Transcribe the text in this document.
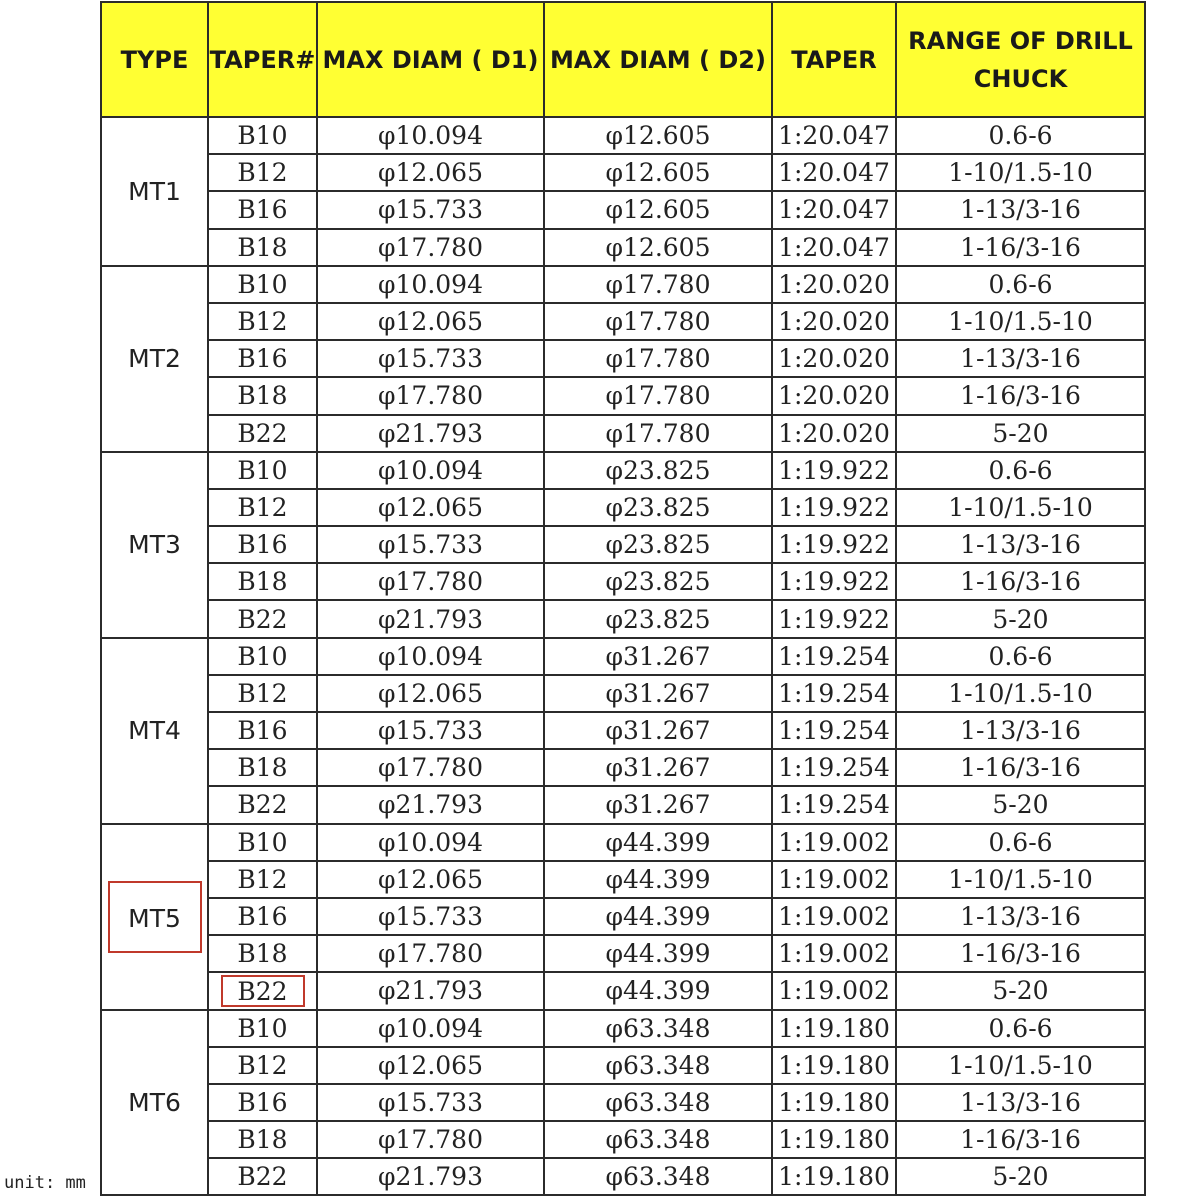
TYPE	TAPER#	MAX DIAM ( D1)	MAX DIAM ( D2)	TAPER	RANGE OF DRILL CHUCK
MT1	B10	φ10.094	φ12.605	1:20.047	0.6-6
	B12	φ12.065	φ12.605	1:20.047	1-10/1.5-10
	B16	φ15.733	φ12.605	1:20.047	1-13/3-16
	B18	φ17.780	φ12.605	1:20.047	1-16/3-16
MT2	B10	φ10.094	φ17.780	1:20.020	0.6-6
	B12	φ12.065	φ17.780	1:20.020	1-10/1.5-10
	B16	φ15.733	φ17.780	1:20.020	1-13/3-16
	B18	φ17.780	φ17.780	1:20.020	1-16/3-16
	B22	φ21.793	φ17.780	1:20.020	5-20
MT3	B10	φ10.094	φ23.825	1:19.922	0.6-6
	B12	φ12.065	φ23.825	1:19.922	1-10/1.5-10
	B16	φ15.733	φ23.825	1:19.922	1-13/3-16
	B18	φ17.780	φ23.825	1:19.922	1-16/3-16
	B22	φ21.793	φ23.825	1:19.922	5-20
MT4	B10	φ10.094	φ31.267	1:19.254	0.6-6
	B12	φ12.065	φ31.267	1:19.254	1-10/1.5-10
	B16	φ15.733	φ31.267	1:19.254	1-13/3-16
	B18	φ17.780	φ31.267	1:19.254	1-16/3-16
	B22	φ21.793	φ31.267	1:19.254	5-20
MT5	B10	φ10.094	φ44.399	1:19.002	0.6-6
	B12	φ12.065	φ44.399	1:19.002	1-10/1.5-10
	B16	φ15.733	φ44.399	1:19.002	1-13/3-16
	B18	φ17.780	φ44.399	1:19.002	1-16/3-16
	B22	φ21.793	φ44.399	1:19.002	5-20
MT6	B10	φ10.094	φ63.348	1:19.180	0.6-6
	B12	φ12.065	φ63.348	1:19.180	1-10/1.5-10
	B16	φ15.733	φ63.348	1:19.180	1-13/3-16
	B18	φ17.780	φ63.348	1:19.180	1-16/3-16
	B22	φ21.793	φ63.348	1:19.180	5-20
unit: mm
